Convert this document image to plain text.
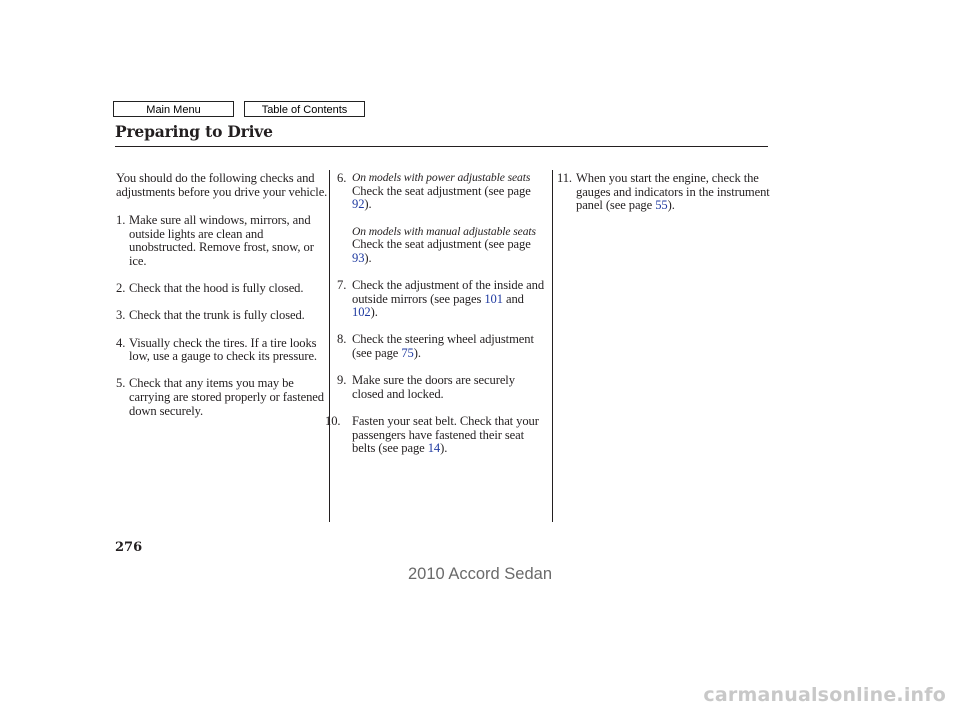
Main Menu	Table of Contents
Preparing to Drive

You should do the following checks and adjustments before you drive your vehicle.

1. Make sure all windows, mirrors, and outside lights are clean and unobstructed. Remove frost, snow, or ice.
2. Check that the hood is fully closed.
3. Check that the trunk is fully closed.
4. Visually check the tires. If a tire looks low, use a gauge to check its pressure.
5. Check that any items you may be carrying are stored properly or fastened down securely.
6. On models with power adjustable seats

Check the seat adjustment (see page 92).

On models with manual adjustable seats

Check the seat adjustment (see page 93).
7. Check the adjustment of the inside and outside mirrors (see pages 101 and 102).
8. Check the steering wheel adjustment (see page 75).
9. Make sure the doors are securely closed and locked.
10. Fasten your seat belt. Check that your passengers have fastened their seat belts (see page 14).
11. When you start the engine, check the gauges and indicators in the instrument panel (see page 55).
276
2010 Accord Sedan
carmanualsonline.info
